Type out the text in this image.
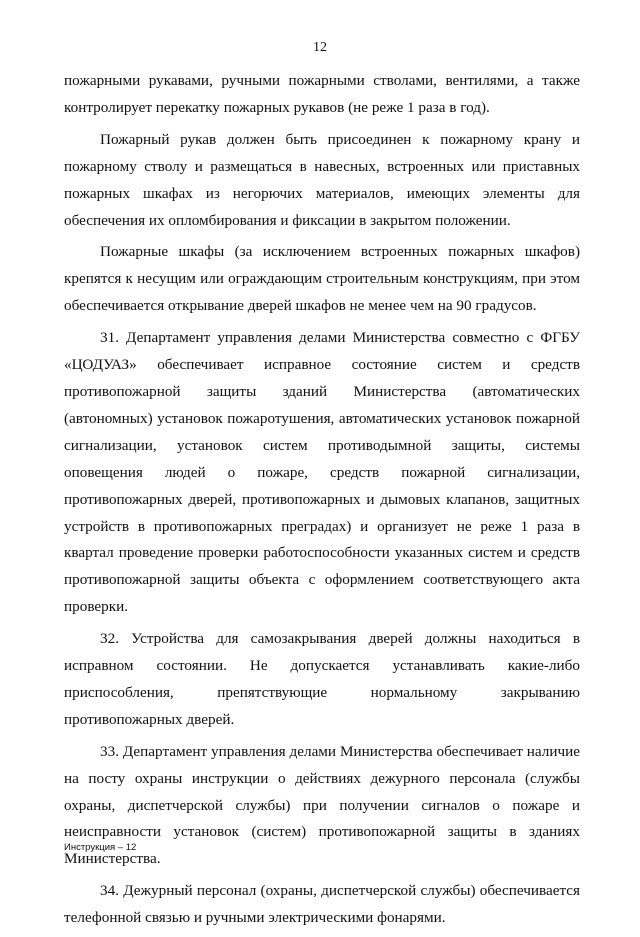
12

пожарными рукавами, ручными пожарными стволами, вентилями, а также контролирует перекатку пожарных рукавов (не реже 1 раза в год).

Пожарный рукав должен быть присоединен к пожарному крану и пожарному стволу и размещаться в навесных, встроенных или приставных пожарных шкафах из негорючих материалов, имеющих элементы для обеспечения их опломбирования и фиксации в закрытом положении.

Пожарные шкафы (за исключением встроенных пожарных шкафов) крепятся к несущим или ограждающим строительным конструкциям, при этом обеспечивается открывание дверей шкафов не менее чем на 90 градусов.

31. Департамент управления делами Министерства совместно с ФГБУ «ЦОДУАЗ» обеспечивает исправное состояние систем и средств противопожарной защиты зданий Министерства (автоматических (автономных) установок пожаротушения, автоматических установок пожарной сигнализации, установок систем противодымной защиты, системы оповещения людей о пожаре, средств пожарной сигнализации, противопожарных дверей, противопожарных и дымовых клапанов, защитных устройств в противопожарных преградах) и организует не реже 1 раза в квартал проведение проверки работоспособности указанных систем и средств противопожарной защиты объекта с оформлением соответствующего акта проверки.

32. Устройства для самозакрывания дверей должны находиться в исправном состоянии. Не допускается устанавливать какие-либо приспособления, препятствующие нормальному закрыванию противопожарных дверей.

33. Департамент управления делами Министерства обеспечивает наличие на посту охраны инструкции о действиях дежурного персонала (службы охраны, диспетчерской службы) при получении сигналов о пожаре и неисправности установок (систем) противопожарной защиты в зданиях Министерства.

34. Дежурный персонал (охраны, диспетчерской службы) обеспечивается телефонной связью и ручными электрическими фонарями.

Инструкция – 12
